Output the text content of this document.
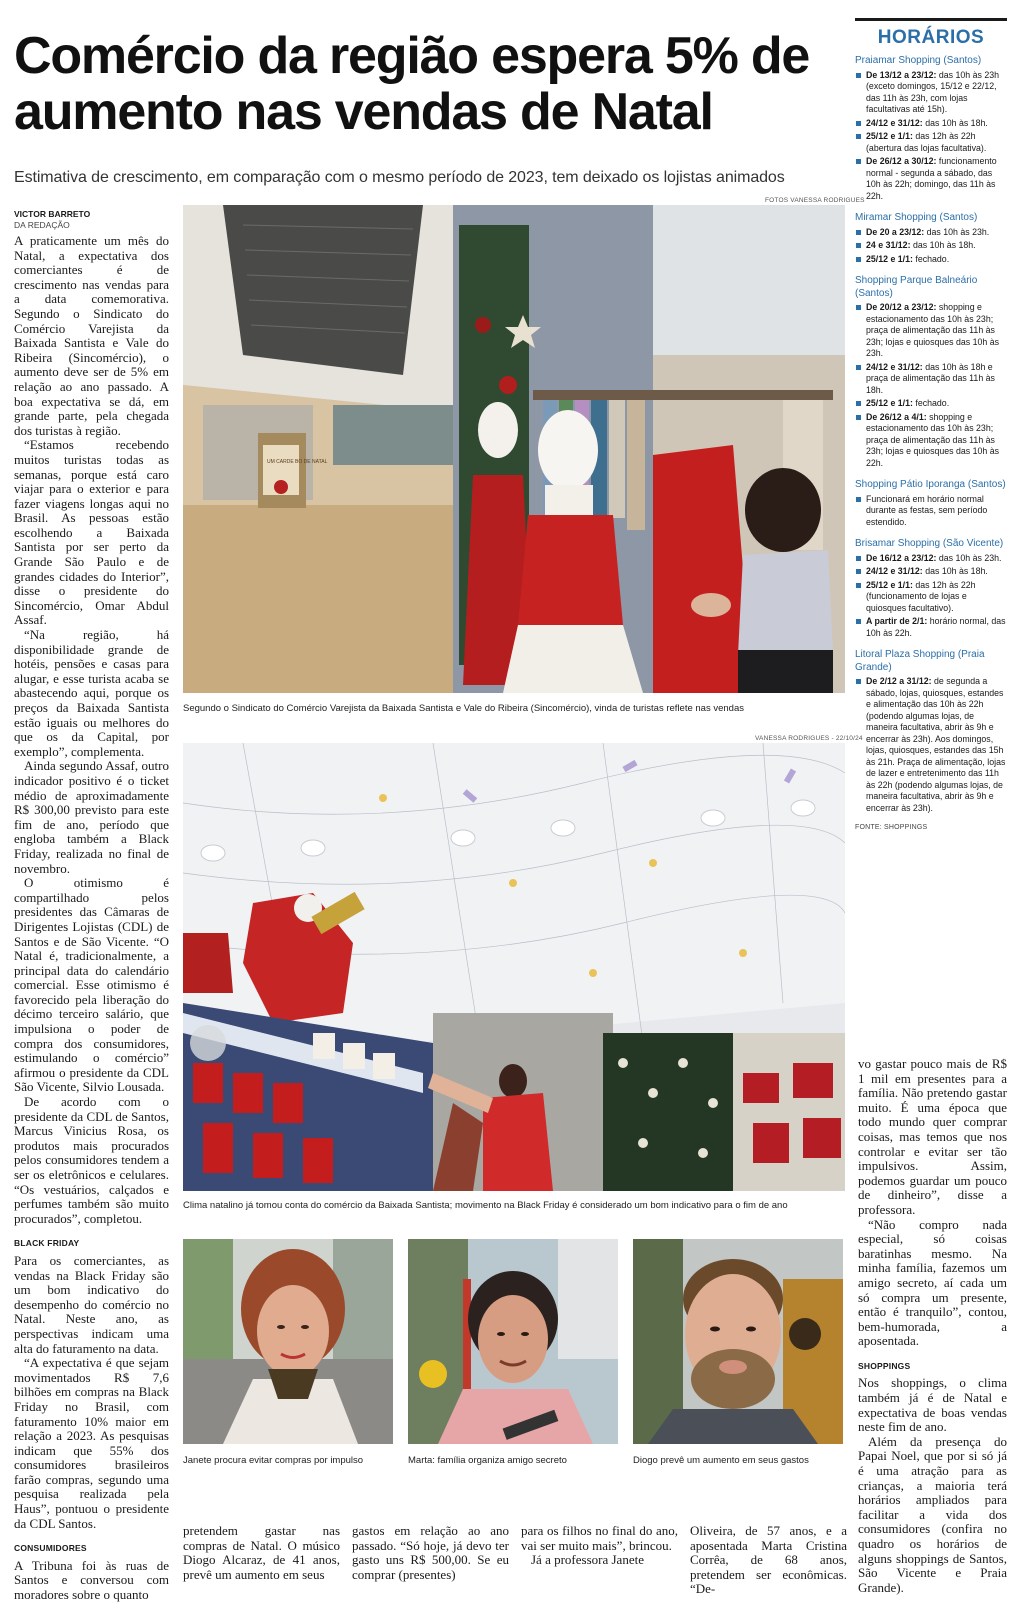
Comércio da região espera 5% de aumento nas vendas de Natal
Estimativa de crescimento, em comparação com o mesmo período de 2023, tem deixado os lojistas animados
VICTOR BARRETO
DA REDAÇÃO

A praticamente um mês do Natal, a expectativa dos comerciantes é de crescimento nas vendas para a data comemorativa. Segundo o Sindicato do Comércio Varejista da Baixada Santista e Vale do Ribeira (Sincomércio), o aumento deve ser de 5% em relação ao ano passado. A boa expectativa se dá, em grande parte, pela chegada dos turistas à região.

“Estamos recebendo muitos turistas todas as semanas, porque está caro viajar para o exterior e para fazer viagens longas aqui no Brasil. As pessoas estão escolhendo a Baixada Santista por ser perto da Grande São Paulo e de grandes cidades do Interior”, disse o presidente do Sincomércio, Omar Abdul Assaf.

“Na região, há disponibilidade grande de hotéis, pensões e casas para alugar, e esse turista acaba se abastecendo aqui, porque os preços da Baixada Santista estão iguais ou melhores do que os da Capital, por exemplo”, complementa.

Ainda segundo Assaf, outro indicador positivo é o ticket médio de aproximadamente R$ 300,00 previsto para este fim de ano, período que engloba também a Black Friday, realizada no final de novembro.

O otimismo é compartilhado pelos presidentes das Câmaras de Dirigentes Lojistas (CDL) de Santos e de São Vicente. “O Natal é, tradicionalmente, a principal data do calendário comercial. Esse otimismo é favorecido pela liberação do décimo terceiro salário, que impulsiona o poder de compra dos consumidores, estimulando o comércio” afirmou o presidente da CDL São Vicente, Silvio Lousada.

De acordo com o presidente da CDL de Santos, Marcus Vinicius Rosa, os produtos mais procurados pelos consumidores tendem a ser os eletrônicos e celulares. “Os vestuários, calçados e perfumes também são muito procurados”, completou.

BLACK FRIDAY

Para os comerciantes, as vendas na Black Friday são um bom indicativo do desempenho do comércio no Natal. Neste ano, as perspectivas indicam uma alta do faturamento na data.

“A expectativa é que sejam movimentados R$ 7,6 bilhões em compras na Black Friday no Brasil, com faturamento 10% maior em relação a 2023. As pesquisas indicam que 55% dos consumidores brasileiros farão compras, segundo uma pesquisa realizada pela Haus”, pontuou o presidente da CDL Santos.

CONSUMIDORES

A Tribuna foi às ruas de Santos e conversou com moradores sobre o quanto

FOTOS VANESSA RODRIGUES
UM CARDE BO DE NATAL
Segundo o Sindicato do Comércio Varejista da Baixada Santista e Vale do Ribeira (Sincomércio), vinda de turistas reflete nas vendas
VANESSA RODRIGUES - 22/10/24
Clima natalino já tomou conta do comércio da Baixada Santista; movimento na Black Friday é considerado um bom indicativo para o fim de ano
Janete procura evitar compras por impulso	Marta: família organiza amigo secreto	Diogo prevê um aumento em seus gastos
pretendem gastar nas compras de Natal. O músico Diogo Alcaraz, de 41 anos, prevê um aumento em seus
gastos em relação ao ano passado. “Só hoje, já devo ter gasto uns R$ 500,00. Se eu comprar (presentes)
para os filhos no final do ano, vai ser muito mais”, brincou.
Já a professora Janete
Oliveira, de 57 anos, e a aposentada Marta Cristina Corrêa, de 68 anos, pretendem ser econômicas. “De-

vo gastar pouco mais de R$ 1 mil em presentes para a família. Não pretendo gastar muito. É uma época que todo mundo quer comprar coisas, mas temos que nos controlar e evitar ser tão impulsivos. Assim, podemos guardar um pouco de dinheiro”, disse a professora.

“Não compro nada especial, só coisas baratinhas mesmo. Na minha família, fazemos um amigo secreto, aí cada um só compra um presente, então é tranquilo”, contou, bem-humorada, a aposentada.

SHOPPINGS

Nos shoppings, o clima também já é de Natal e expectativa de boas vendas neste fim de ano.

Além da presença do Papai Noel, que por si só já é uma atração para as crianças, a maioria terá horários ampliados para facilitar a vida dos consumidores (confira no quadro os horários de alguns shoppings de Santos, São Vicente e Praia Grande).

HORÁRIOS
Praiamar Shopping (Santos)
De 13/12 a 23/12: das 10h às 23h (exceto domingos, 15/12 e 22/12, das 11h às 23h, com lojas facultativas até 15h).
24/12 e 31/12: das 10h às 18h.
25/12 e 1/1: das 12h às 22h (abertura das lojas facultativa).
De 26/12 a 30/12: funcionamento normal - segunda a sábado, das 10h às 22h; domingo, das 11h às 22h.
Miramar Shopping (Santos)
De 20 a 23/12: das 10h às 23h.
24 e 31/12: das 10h às 18h.
25/12 e 1/1: fechado.
Shopping Parque Balneário (Santos)
De 20/12 a 23/12: shopping e estacionamento das 10h às 23h; praça de alimentação das 11h às 23h; lojas e quiosques das 10h às 23h.
24/12 e 31/12: das 10h às 18h e praça de alimentação das 11h às 18h.
25/12 e 1/1: fechado.
De 26/12 a 4/1: shopping e estacionamento das 10h às 23h; praça de alimentação das 11h às 23h; lojas e quiosques das 10h às 22h.
Shopping Pátio Iporanga (Santos)
Funcionará em horário normal durante as festas, sem período estendido.
Brisamar Shopping (São Vicente)
De 16/12 a 23/12: das 10h às 23h.
24/12 e 31/12: das 10h às 18h.
25/12 e 1/1: das 12h às 22h (funcionamento de lojas e quiosques facultativo).
A partir de 2/1: horário normal, das 10h às 22h.
Litoral Plaza Shopping (Praia Grande)
De 2/12 a 31/12: de segunda a sábado, lojas, quiosques, estandes e alimentação das 10h às 22h (podendo algumas lojas, de maneira facultativa, abrir às 9h e encerrar às 23h). Aos domingos, lojas, quiosques, estandes das 15h às 21h. Praça de alimentação, lojas de lazer e entretenimento das 11h às 22h (podendo algumas lojas, de maneira facultativa, abrir às 9h e encerrar às 23h).
FONTE: SHOPPINGS
